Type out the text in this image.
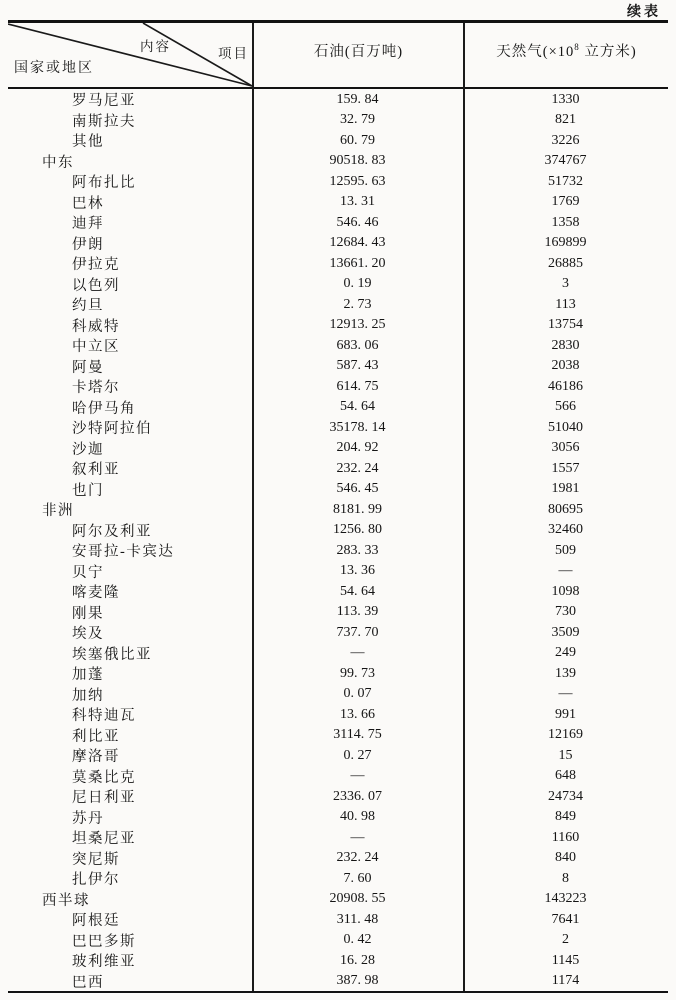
续表
内容	项目
国家或地区
石油(百万吨)	天然气($\times 10^8$ 立方米)
罗马尼亚	159. 84	1330
南斯拉夫	32. 79	821
其他	60. 79	3226
中东	90518. 83	374767
阿布扎比	12595. 63	51732
巴林	13. 31	1769
迪拜	546. 46	1358
伊朗	12684. 43	169899
伊拉克	13661. 20	26885
以色列	0. 19	3
约旦	2. 73	113
科威特	12913. 25	13754
中立区	683. 06	2830
阿曼	587. 43	2038
卡塔尔	614. 75	46186
哈伊马角	54. 64	566
沙特阿拉伯	35178. 14	51040
沙迦	204. 92	3056
叙利亚	232. 24	1557
也门	546. 45	1981
非洲	8181. 99	80695
阿尔及利亚	1256. 80	32460
安哥拉-卡宾达	283. 33	509
贝宁	13. 36	—
喀麦隆	54. 64	1098
刚果	113. 39	730
埃及	737. 70	3509
埃塞俄比亚	—	249
加蓬	99. 73	139
加纳	0. 07	—
科特迪瓦	13. 66	991
利比亚	3114. 75	12169
摩洛哥	0. 27	15
莫桑比克	—	648
尼日利亚	2336. 07	24734
苏丹	40. 98	849
坦桑尼亚	—	1160
突尼斯	232. 24	840
扎伊尔	7. 60	8
西半球	20908. 55	143223
阿根廷	311. 48	7641
巴巴多斯	0. 42	2
玻利维亚	16. 28	1145
巴西	387. 98	1174
